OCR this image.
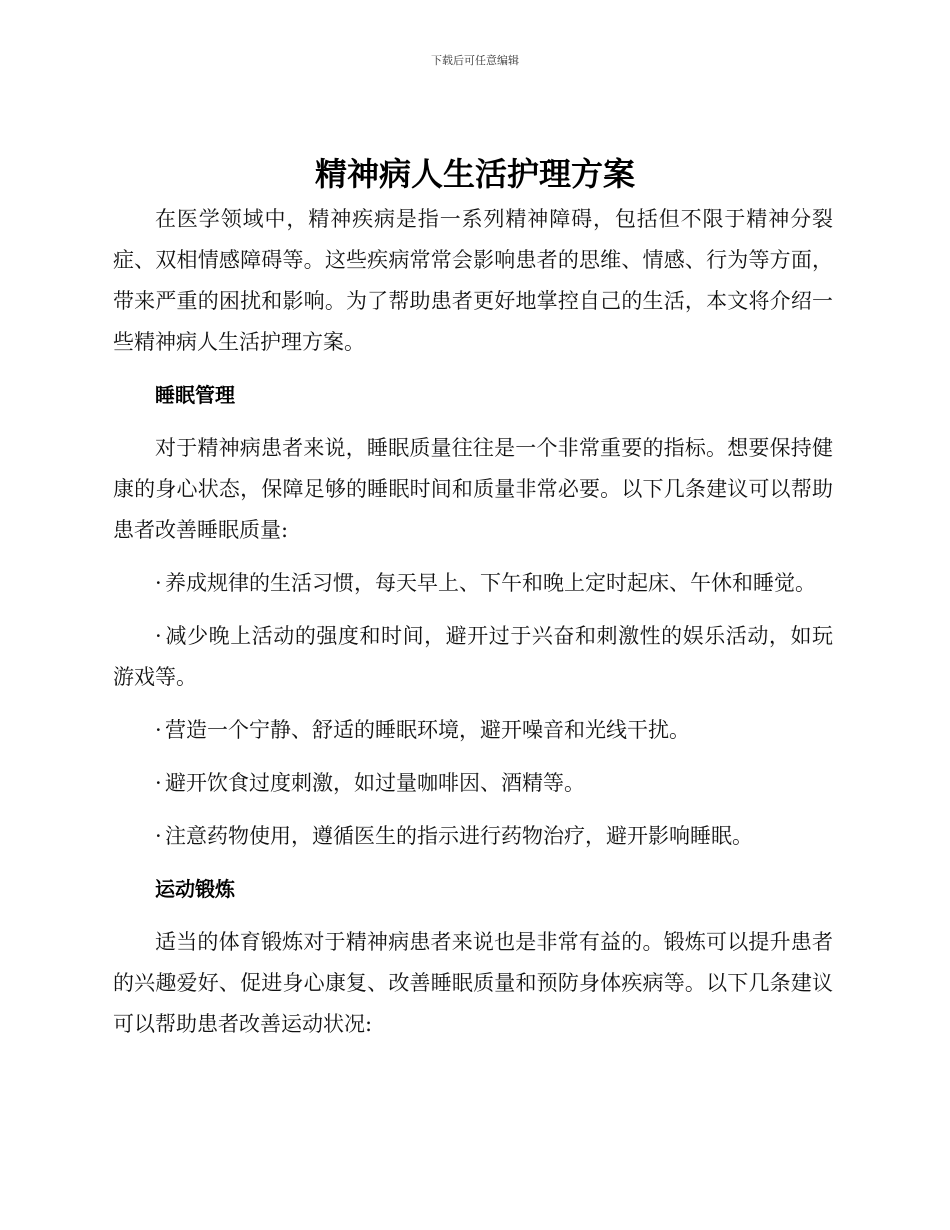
下载后可任意编辑
精神病人生活护理方案

在医学领域中，精神疾病是指一系列精神障碍，包括但不限于精神分裂症、双相情感障碍等。这些疾病常常会影响患者的思维、情感、行为等方面，带来严重的困扰和影响。为了帮助患者更好地掌控自己的生活，本文将介绍一些精神病人生活护理方案。

睡眠管理

对于精神病患者来说，睡眠质量往往是一个非常重要的指标。想要保持健康的身心状态，保障足够的睡眠时间和质量非常必要。以下几条建议可以帮助患者改善睡眠质量:

· 养成规律的生活习惯，每天早上、下午和晚上定时起床、午休和睡觉。

· 减少晚上活动的强度和时间，避开过于兴奋和刺激性的娱乐活动，如玩游戏等。

· 营造一个宁静、舒适的睡眠环境，避开噪音和光线干扰。

· 避开饮食过度刺激，如过量咖啡因、酒精等。

· 注意药物使用，遵循医生的指示进行药物治疗，避开影响睡眠。

运动锻炼

适当的体育锻炼对于精神病患者来说也是非常有益的。锻炼可以提升患者的兴趣爱好、促进身心康复、改善睡眠质量和预防身体疾病等。以下几条建议可以帮助患者改善运动状况:
